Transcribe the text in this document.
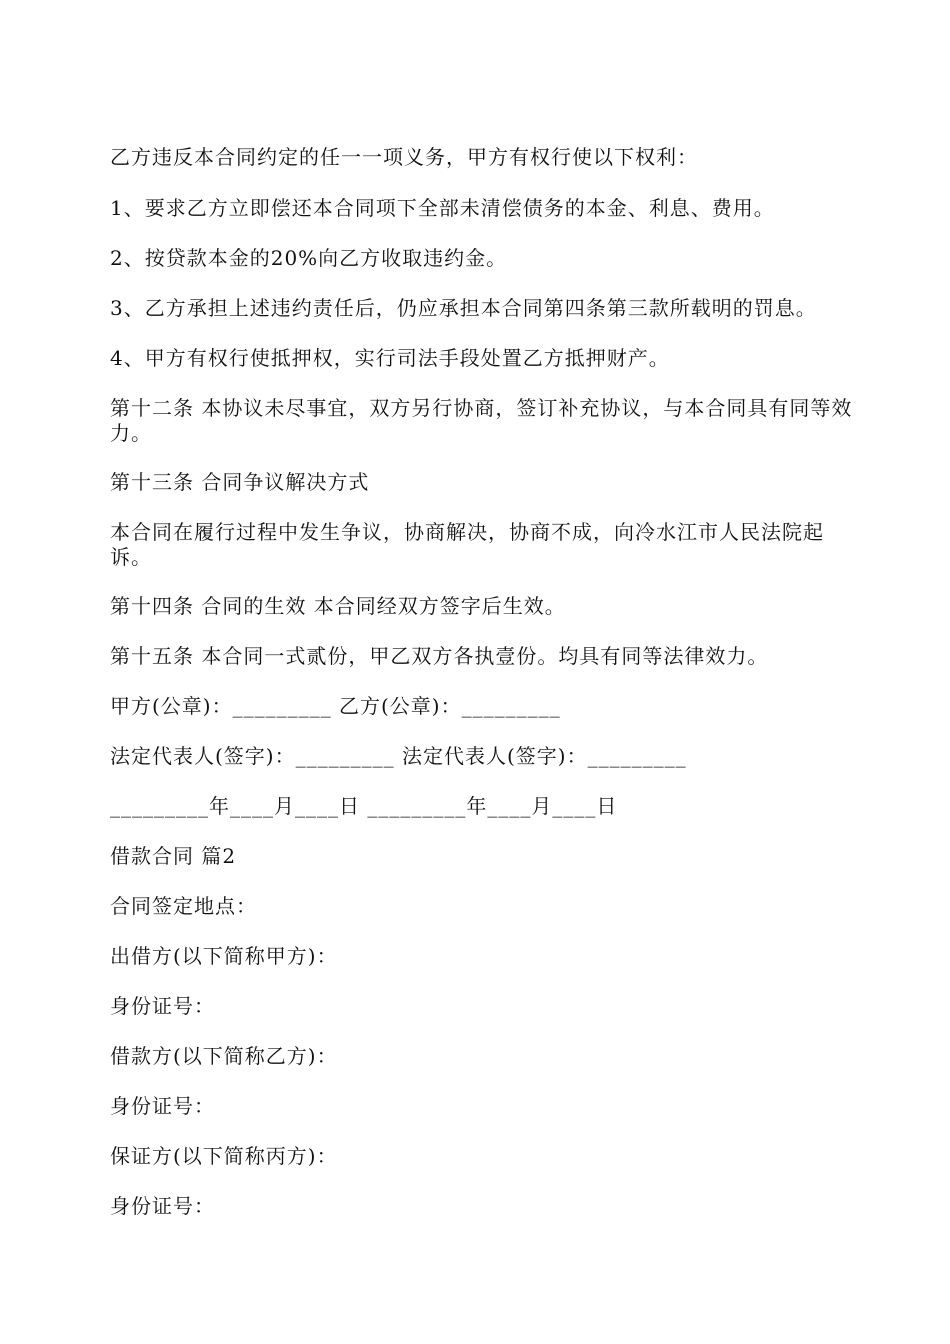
乙方违反本合同约定的任一一项义务，甲方有权行使以下权利：

1、要求乙方立即偿还本合同项下全部未清偿债务的本金、利息、费用。

2、按贷款本金的20%向乙方收取违约金。

3、乙方承担上述违约责任后，仍应承担本合同第四条第三款所载明的罚息。

4、甲方有权行使抵押权，实行司法手段处置乙方抵押财产。

第十二条 本协议未尽事宜，双方另行协商，签订补充协议，与本合同具有同等效力。

第十三条 合同争议解决方式

本合同在履行过程中发生争议，协商解决，协商不成，向冷水江市人民法院起诉。

第十四条 合同的生效 本合同经双方签字后生效。

第十五条 本合同一式贰份，甲乙双方各执壹份。均具有同等法律效力。

甲方(公章)：_________ 乙方(公章)：_________

法定代表人(签字)：_________ 法定代表人(签字)：_________

_________年____月____日 _________年____月____日

借款合同 篇2

合同签定地点：

出借方(以下简称甲方)：

身份证号：

借款方(以下简称乙方)：

身份证号：

保证方(以下简称丙方)：

身份证号：
